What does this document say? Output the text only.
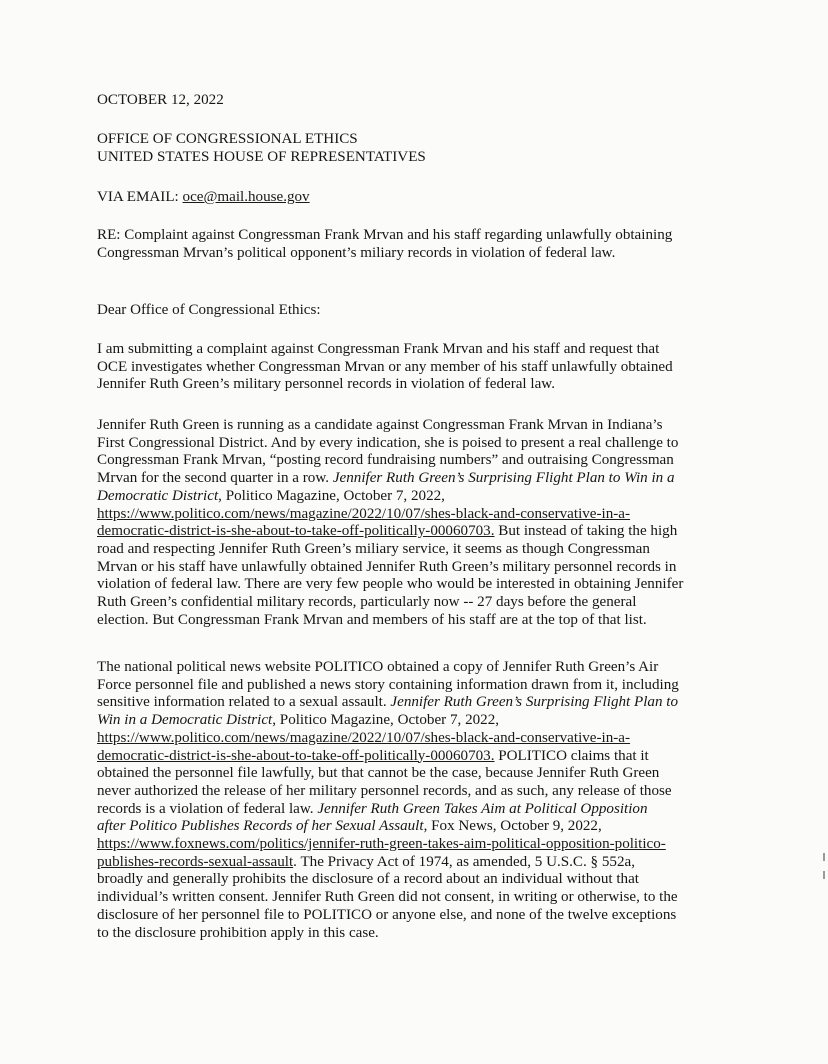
OCTOBER 12, 2022
OFFICE OF CONGRESSIONAL ETHICS
UNITED STATES HOUSE OF REPRESENTATIVES
VIA EMAIL: oce@mail.house.gov
RE: Complaint against Congressman Frank Mrvan and his staff regarding unlawfully obtaining
Congressman Mrvan’s political opponent’s miliary records in violation of federal law.
Dear Office of Congressional Ethics:
I am submitting a complaint against Congressman Frank Mrvan and his staff and request that
OCE investigates whether Congressman Mrvan or any member of his staff unlawfully obtained
Jennifer Ruth Green’s military personnel records in violation of federal law.
Jennifer Ruth Green is running as a candidate against Congressman Frank Mrvan in Indiana’s
First Congressional District. And by every indication, she is poised to present a real challenge to
Congressman Frank Mrvan, “posting record fundraising numbers” and outraising Congressman
Mrvan for the second quarter in a row. Jennifer Ruth Green’s Surprising Flight Plan to Win in a
Democratic District, Politico Magazine, October 7, 2022,
https://www.politico.com/news/magazine/2022/10/07/shes-black-and-conservative-in-a-
democratic-district-is-she-about-to-take-off-politically-00060703. But instead of taking the high
road and respecting Jennifer Ruth Green’s miliary service, it seems as though Congressman
Mrvan or his staff have unlawfully obtained Jennifer Ruth Green’s military personnel records in
violation of federal law. There are very few people who would be interested in obtaining Jennifer
Ruth Green’s confidential military records, particularly now -- 27 days before the general
election. But Congressman Frank Mrvan and members of his staff are at the top of that list.
The national political news website POLITICO obtained a copy of Jennifer Ruth Green’s Air
Force personnel file and published a news story containing information drawn from it, including
sensitive information related to a sexual assault. Jennifer Ruth Green’s Surprising Flight Plan to
Win in a Democratic District, Politico Magazine, October 7, 2022,
https://www.politico.com/news/magazine/2022/10/07/shes-black-and-conservative-in-a-
democratic-district-is-she-about-to-take-off-politically-00060703. POLITICO claims that it
obtained the personnel file lawfully, but that cannot be the case, because Jennifer Ruth Green
never authorized the release of her military personnel records, and as such, any release of those
records is a violation of federal law. Jennifer Ruth Green Takes Aim at Political Opposition
after Politico Publishes Records of her Sexual Assault, Fox News, October 9, 2022,
https://www.foxnews.com/politics/jennifer-ruth-green-takes-aim-political-opposition-politico-
publishes-records-sexual-assault. The Privacy Act of 1974, as amended, 5 U.S.C. § 552a,
broadly and generally prohibits the disclosure of a record about an individual without that
individual’s written consent. Jennifer Ruth Green did not consent, in writing or otherwise, to the
disclosure of her personnel file to POLITICO or anyone else, and none of the twelve exceptions
to the disclosure prohibition apply in this case.
